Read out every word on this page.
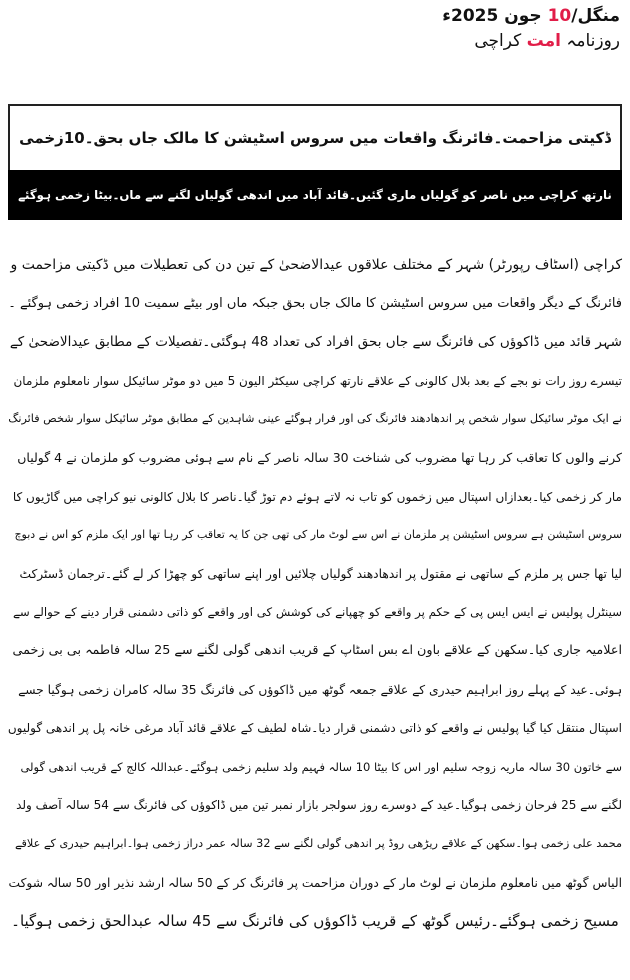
منگل/10 جون 2025ء
روزنامہ امت کراچی
ڈکیتی مزاحمت۔فائرنگ واقعات میں سروس اسٹیشن کا مالک جاں بحق۔10زخمی
نارتھ کراچی میں ناصر کو گولیاں ماری گئیں۔قائد آباد میں اندھی گولیاں لگنے سے ماں۔بیٹا زخمی ہوگئے
کراچی (اسٹاف رپورٹر) شہر کے مختلف علاقوں عیدالاضحیٰ کے تین دن کی تعطیلات میں ڈکیتی مزاحمت و
فائرنگ کے دیگر واقعات میں سروس اسٹیشن کا مالک جاں بحق جبکہ ماں اور بیٹے سمیت 10 افراد زخمی ہوگئے ۔
شہر قائد میں ڈاکوؤں کی فائرنگ سے جاں بحق افراد کی تعداد 48 ہوگئی۔تفصیلات کے مطابق عیدالاضحیٰ کے
تیسرے روز رات نو بجے کے بعد بلال کالونی کے علاقے نارتھ کراچی سیکٹر الیون 5 میں دو موٹر سائیکل سوار نامعلوم ملزمان
نے ایک موٹر سائیکل سوار شخص پر اندھادھند فائرنگ کی اور فرار ہوگئے عینی شاہدین کے مطابق موٹر سائیکل سوار شخص فائرنگ
کرنے والوں کا تعاقب کر رہا تھا مضروب کی شناخت 30 سالہ ناصر کے نام سے ہوئی مضروب کو ملزمان نے 4 گولیاں
مار کر زخمی کیا۔بعدازاں اسپتال میں زخموں کو تاب نہ لاتے ہوئے دم توڑ گیا۔ناصر کا بلال کالونی نیو کراچی میں گاڑیوں کا
سروس اسٹیشن ہے سروس اسٹیشن پر ملزمان نے اس سے لوٹ مار کی تھی جن کا یہ تعاقب کر رہا تھا اور ایک ملزم کو اس نے دبوچ
لیا تھا جس پر ملزم کے ساتھی نے مقتول پر اندھادھند گولیاں چلائیں اور اپنے ساتھی کو چھڑا کر لے گئے۔ترجمان ڈسٹرکٹ
سینٹرل پولیس نے ایس ایس پی کے حکم پر واقعے کو چھپانے کی کوشش کی اور واقعے کو ذاتی دشمنی قرار دینے کے حوالے سے
اعلامیہ جاری کیا۔سکھن کے علاقے باون اے بس اسٹاپ کے قریب اندھی گولی لگنے سے 25 سالہ فاطمہ بی بی زخمی
ہوئی۔عید کے پہلے روز ابراہیم حیدری کے علاقے جمعہ گوٹھ میں ڈاکوؤں کی فائرنگ 35 سالہ کامران زخمی ہوگیا جسے
اسپتال منتقل کیا گیا پولیس نے واقعے کو ذاتی دشمنی قرار دیا۔شاہ لطیف کے علاقے قائد آباد مرغی خانہ پل پر اندھی گولیوں
سے خاتون 30 سالہ ماریہ زوجہ سلیم اور اس کا بیٹا 10 سالہ فہیم ولد سلیم زخمی ہوگئے۔عبداللہ کالج کے قریب اندھی گولی
لگنے سے 25 فرحان زخمی ہوگیا۔عید کے دوسرے روز سولجر بازار نمبر تین میں ڈاکوؤں کی فائرنگ سے 54 سالہ آصف ولد
محمد علی زخمی ہوا۔سکھن کے علاقے ریڑھی روڈ پر اندھی گولی لگنے سے 32 سالہ عمر دراز زخمی ہوا۔ابراہیم حیدری کے علاقے
الیاس گوٹھ میں نامعلوم ملزمان نے لوٹ مار کے دوران مزاحمت پر فائرنگ کر کے 50 سالہ ارشد نذیر اور 50 سالہ شوکت
مسیح زخمی ہوگئے۔رئیس گوٹھ کے قریب ڈاکوؤں کی فائرنگ سے 45 سالہ عبدالحق زخمی ہوگیا۔
